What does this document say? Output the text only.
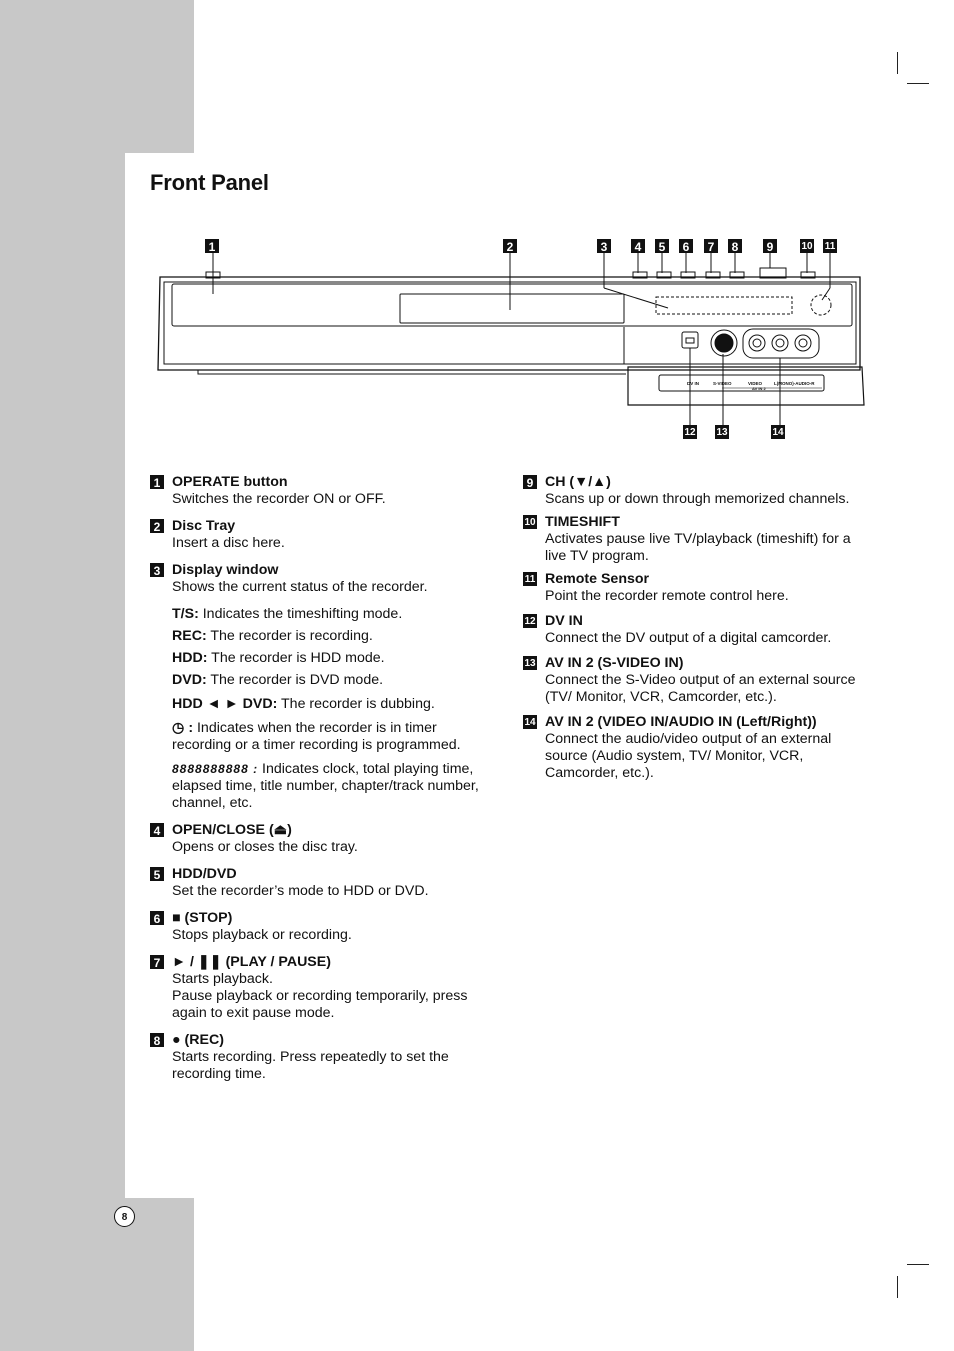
Front Panel
DV IN	S-VIDEO	VIDEO	L(MONO)-AUDIO-R
AV IN 2
1	2	3	4	5	6	7	8	9	10 11
12 13	14
1 OPERATE button
Switches the recorder ON or OFF.
2 Disc Tray
Insert a disc here.
3 Display window
Shows the current status of the recorder.
T/S: Indicates the timeshifting mode.
REC: The recorder is recording.
HDD: The recorder is HDD mode.
DVD: The recorder is DVD mode.
HDD ◄ ► DVD: The recorder is dubbing.
◷ : Indicates when the recorder is in timer recording or a timer recording is programmed.
8888888888 : Indicates clock, total playing time, elapsed time, title number, chapter/track number, channel, etc.
4 OPEN/CLOSE (⏏)
Opens or closes the disc tray.
5 HDD/DVD
Set the recorder’s mode to HDD or DVD.
6 ■ (STOP)
Stops playback or recording.
7 ► / ❚❚ (PLAY / PAUSE)
Starts playback.
Pause playback or recording temporarily, press again to exit pause mode.
8 ● (REC)
Starts recording. Press repeatedly to set the recording time.
9 CH (▼/▲)
Scans up or down through memorized channels.
10 TIMESHIFT
Activates pause live TV/playback (timeshift) for a live TV program.
11 Remote Sensor
Point the recorder remote control here.
12 DV IN
Connect the DV output of a digital camcorder.
13 AV IN 2 (S-VIDEO IN)
Connect the S-Video output of an external source (TV/ Monitor, VCR, Camcorder, etc.).
14 AV IN 2 (VIDEO IN/AUDIO IN (Left/Right))
Connect the audio/video output of an external source (Audio system, TV/ Monitor, VCR, Camcorder, etc.).
8
